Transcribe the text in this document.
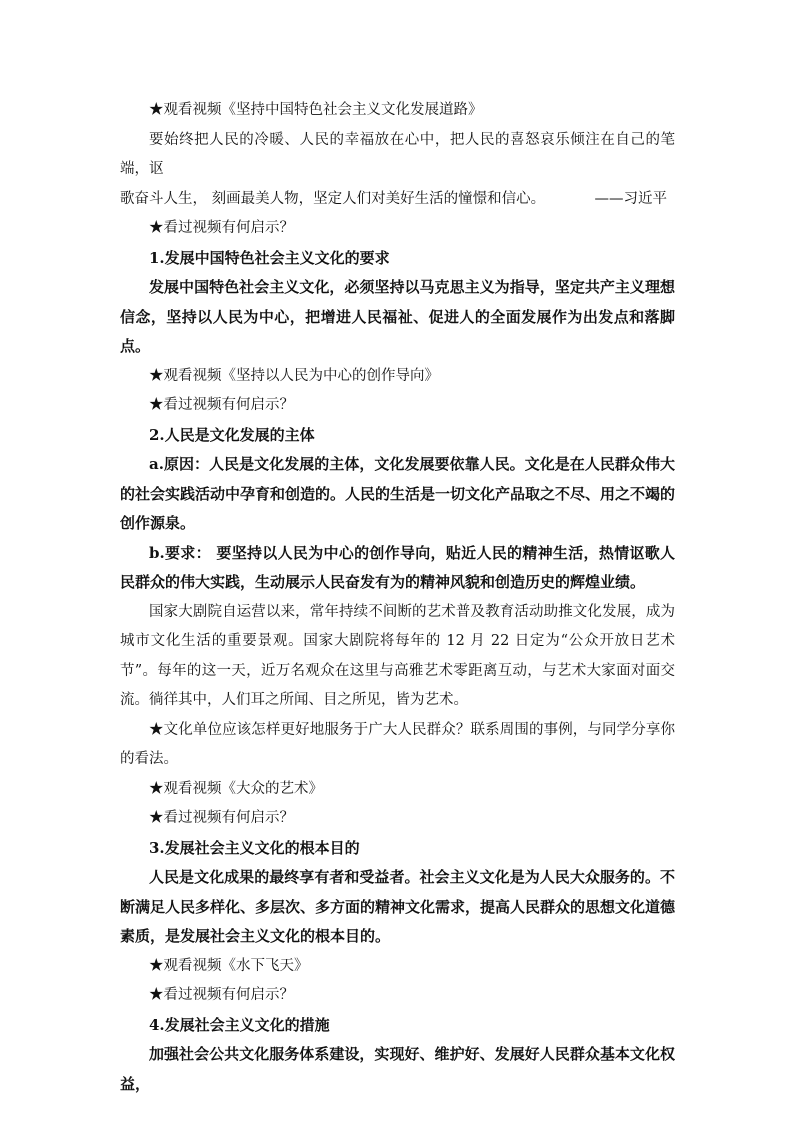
★观看视频《坚持中国特色社会主义文化发展道路》

要始终把人民的冷暖、人民的幸福放在心中，把人民的喜怒哀乐倾注在自己的笔端，讴
歌奋斗人生， 刻画最美人物，坚定人们对美好生活的憧憬和信心。	——习近平

★看过视频有何启示？

1.发展中国特色社会主义文化的要求

发展中国特色社会主义文化，必须坚持以马克思主义为指导，坚定共产主义理想信念，坚持以人民为中心，把增进人民福祉、促进人的全面发展作为出发点和落脚点。

★观看视频《坚持以人民为中心的创作导向》

★看过视频有何启示？

2.人民是文化发展的主体

a.原因：人民是文化发展的主体，文化发展要依靠人民。文化是在人民群众伟大的社会实践活动中孕育和创造的。人民的生活是一切文化产品取之不尽、用之不竭的创作源泉。

b.要求： 要坚持以人民为中心的创作导向，贴近人民的精神生活，热情讴歌人民群众的伟大实践，生动展示人民奋发有为的精神风貌和创造历史的辉煌业绩。

国家大剧院自运营以来，常年持续不间断的艺术普及教育活动助推文化发展，成为城市文化生活的重要景观。国家大剧院将每年的 12 月 22 日定为“公众开放日艺术节”。每年的这一天，近万名观众在这里与高雅艺术零距离互动，与艺术大家面对面交流。徜徉其中，人们耳之所闻、目之所见，皆为艺术。

★文化单位应该怎样更好地服务于广大人民群众？联系周围的事例，与同学分享你的看法。

★观看视频《大众的艺术》

★看过视频有何启示？

3.发展社会主义文化的根本目的

人民是文化成果的最终享有者和受益者。社会主义文化是为人民大众服务的。不断满足人民多样化、多层次、多方面的精神文化需求，提高人民群众的思想文化道德素质，是发展社会主义文化的根本目的。

★观看视频《水下飞天》

★看过视频有何启示？

4.发展社会主义文化的措施

加强社会公共文化服务体系建设，实现好、维护好、发展好人民群众基本文化权益，
